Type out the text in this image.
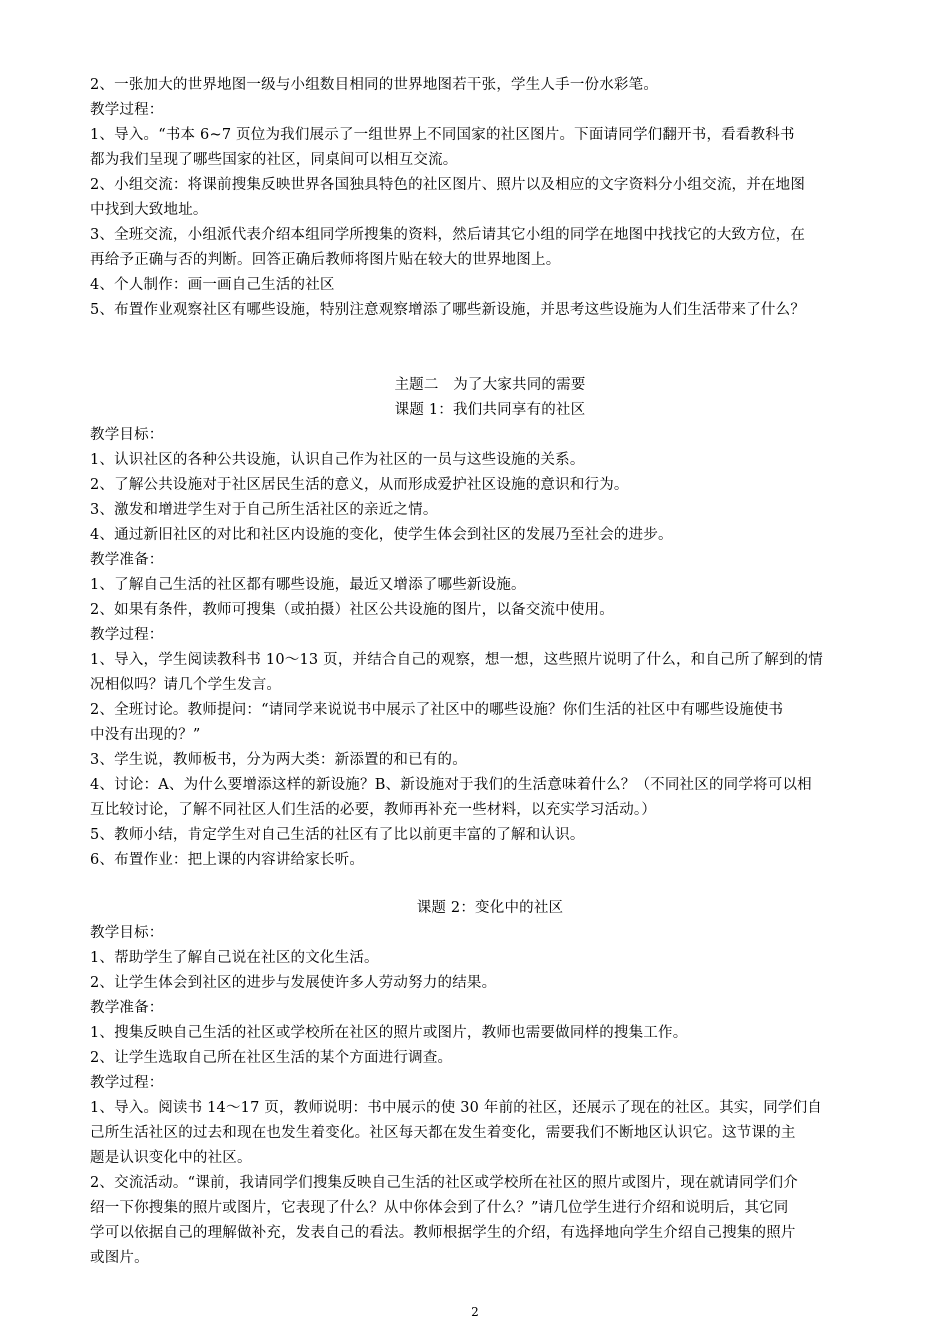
2、一张加大的世界地图一级与小组数目相同的世界地图若干张，学生人手一份水彩笔。
教学过程：
1、导入。“书本 6~7 页位为我们展示了一组世界上不同国家的社区图片。下面请同学们翻开书，看看教科书
都为我们呈现了哪些国家的社区，同桌间可以相互交流。
2、小组交流：将课前搜集反映世界各国独具特色的社区图片、照片以及相应的文字资料分小组交流，并在地图
中找到大致地址。
3、全班交流，小组派代表介绍本组同学所搜集的资料，然后请其它小组的同学在地图中找找它的大致方位，在
再给予正确与否的判断。回答正确后教师将图片贴在较大的世界地图上。
4、个人制作：画一画自己生活的社区
5、布置作业观察社区有哪些设施，特别注意观察增添了哪些新设施，并思考这些设施为人们生活带来了什么？
主题二　为了大家共同的需要
课题 1：我们共同享有的社区
教学目标：
1、认识社区的各种公共设施，认识自己作为社区的一员与这些设施的关系。
2、了解公共设施对于社区居民生活的意义，从而形成爱护社区设施的意识和行为。
3、激发和增进学生对于自己所生活社区的亲近之情。
4、通过新旧社区的对比和社区内设施的变化，使学生体会到社区的发展乃至社会的进步。
教学准备：
1、了解自己生活的社区都有哪些设施，最近又增添了哪些新设施。
2、如果有条件，教师可搜集（或拍摄）社区公共设施的图片，以备交流中使用。
教学过程：
1、导入，学生阅读教科书 10～13 页，并结合自己的观察，想一想，这些照片说明了什么，和自己所了解到的情
况相似吗？请几个学生发言。
2、全班讨论。教师提问：“请同学来说说书中展示了社区中的哪些设施？你们生活的社区中有哪些设施使书
中没有出现的？”
3、学生说，教师板书，分为两大类：新添置的和已有的。
4、讨论：A、为什么要增添这样的新设施？B、新设施对于我们的生活意味着什么？（不同社区的同学将可以相
互比较讨论，了解不同社区人们生活的必要，教师再补充一些材料，以充实学习活动。）
5、教师小结，肯定学生对自己生活的社区有了比以前更丰富的了解和认识。
6、布置作业：把上课的内容讲给家长听。
课题 2：变化中的社区
教学目标：
1、帮助学生了解自己说在社区的文化生活。
2、让学生体会到社区的进步与发展使许多人劳动努力的结果。
教学准备：
1、搜集反映自己生活的社区或学校所在社区的照片或图片，教师也需要做同样的搜集工作。
2、让学生选取自己所在社区生活的某个方面进行调查。
教学过程：
1、导入。阅读书 14～17 页，教师说明：书中展示的使 30 年前的社区，还展示了现在的社区。其实，同学们自
己所生活社区的过去和现在也发生着变化。社区每天都在发生着变化，需要我们不断地区认识它。这节课的主
题是认识变化中的社区。
2、交流活动。“课前，我请同学们搜集反映自己生活的社区或学校所在社区的照片或图片，现在就请同学们介
绍一下你搜集的照片或图片，它表现了什么？从中你体会到了什么？”请几位学生进行介绍和说明后，其它同
学可以依据自己的理解做补充，发表自己的看法。教师根据学生的介绍，有选择地向学生介绍自己搜集的照片
或图片。
2
